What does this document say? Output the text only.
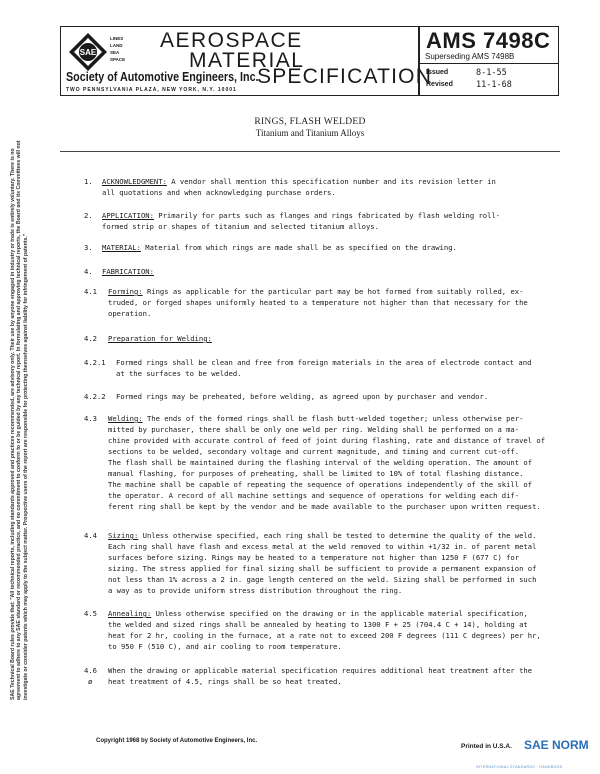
SAE
LINES
LAND
SEA
SPACE
AEROSPACE
MATERIAL
SPECIFICATION
Society of Automotive Engineers, Inc.
TWO PENNSYLVANIA PLAZA, NEW YORK, N.Y. 10001
AMS 7498C
Superseding AMS 7498B
Issued	8-1-55
Revised	11-1-68
SAE Technical Board rules provide that: "All technical reports, including standards approved and practices recommended, are advisory only. Their use by anyone engaged in industry or trade is entirely voluntary. There is no agreement to adhere to any SAE standard or recommended practice, and no commitment to conform to or be guided by any technical report. In formulating and approving technical reports, the Board and its Committees will not investigate or consider patents which may apply to the subject matter. Prospective users of the report are responsible for protecting themselves against liability for infringement of patents."
RINGS, FLASH WELDED
Titanium and Titanium Alloys
1. ACKNOWLEDGMENT: A vendor shall mention this specification number and its revision letter in
all quotations and when acknowledging purchase orders.
2. APPLICATION: Primarily for parts such as flanges and rings fabricated by flash welding roll-
formed strip or shapes of titanium and selected titanium alloys.
3. MATERIAL: Material from which rings are made shall be as specified on the drawing.
4. FABRICATION:
4.1 Forming: Rings as applicable for the particular part may be hot formed from suitably rolled, ex-
truded, or forged shapes uniformly heated to a temperature not higher than that necessary for the
operation.
4.2 Preparation for Welding:
4.2.1 Formed rings shall be clean and free from foreign materials in the area of electrode contact and
at the surfaces to be welded.
4.2.2 Formed rings may be preheated, before welding, as agreed upon by purchaser and vendor.
4.3 Welding: The ends of the formed rings shall be flash butt-welded together; unless otherwise per-
mitted by purchaser, there shall be only one weld per ring. Welding shall be performed on a ma-
chine provided with accurate control of feed of joint during flashing, rate and distance of travel of
sections to be welded, secondary voltage and current magnitude, and timing and current cut-off.
The flash shall be maintained during the flashing interval of the welding operation. The amount of
manual flashing, for purposes of preheating, shall be limited to 10% of total flashing distance.
The machine shall be capable of repeating the sequence of operations independently of the skill of
the operator. A record of all machine settings and sequence of operations for welding each dif-
ferent ring shall be kept by the vendor and be made available to the purchaser upon written request.

4.4 Sizing: Unless otherwise specified, each ring shall be tested to determine the quality of the weld.
Each ring shall have flash and excess metal at the weld removed to within +1/32 in. of parent metal
surfaces before sizing. Rings may be heated to a temperature not higher than 1250 F (677 C) for
sizing. The stress applied for final sizing shall be sufficient to provide a permanent expansion of
not less than 1% across a 2 in. gage length centered on the weld. Sizing shall be performed in such
a way as to provide uniform stress distribution throughout the ring.
4.5 Annealing: Unless otherwise specified on the drawing or in the applicable material specification,
the welded and sized rings shall be annealed by heating to 1300 F + 25 (704.4 C + 14), holding at
heat for 2 hr, cooling in the furnace, at a rate not to exceed 200 F degrees (111 C degrees) per hr,
to 950 F (510 C), and air cooling to room temperature.
4.6
ø
When the drawing or applicable material specification requires additional heat treatment after the
heat treatment of 4.5, rings shall be so heat treated.
Copyright 1968 by Society of Automotive Engineers, Inc.
Printed in U.S.A. SAE NORM
INTERNATIONAL STANDARDS · HANDBOOK
